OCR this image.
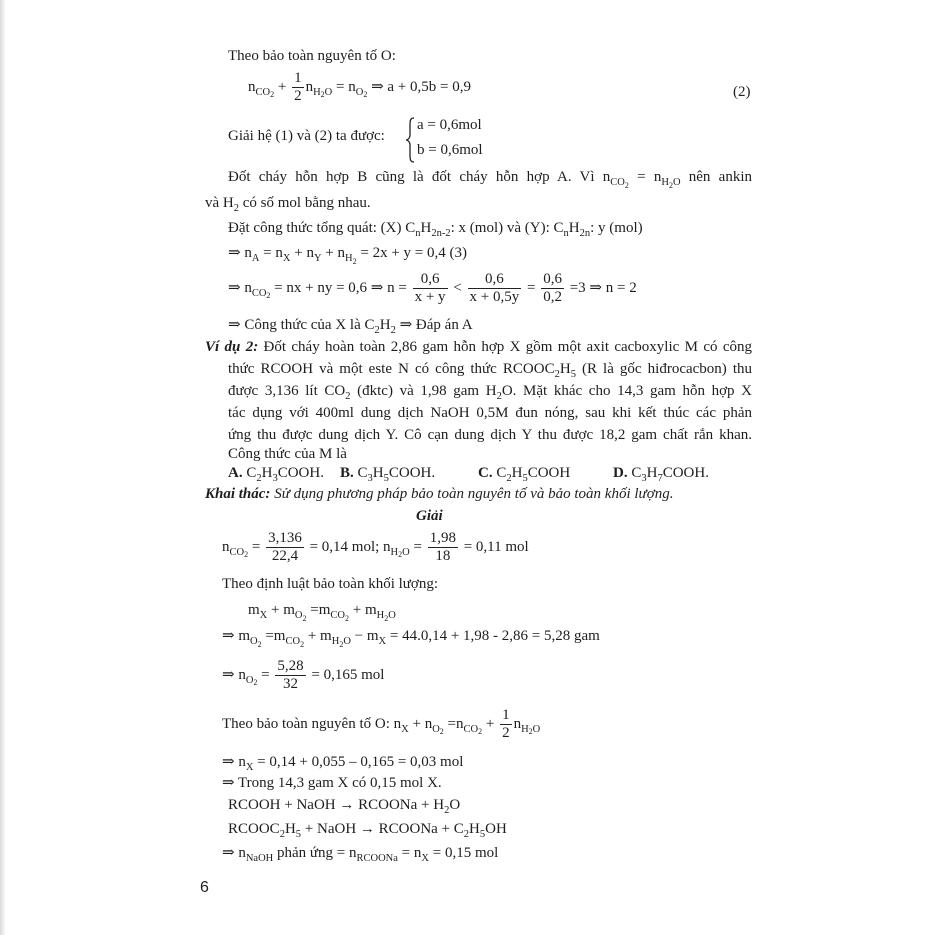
Theo bảo toàn nguyên tố O:
$n_{CO2} + \frac{1}{2} n_{H2O} = n_{O2}$ ⇒ a + 0,5b = 0,9	(2)
Giải hệ (1) và (2) ta được:
a = 0,6mol
b = 0,6mol
Đốt cháy hỗn hợp B cũng là đốt cháy hỗn hợp A. Vì $n_{CO2} = n_{H2O}$ nên ankin
và $H_2$ có số mol bằng nhau.
Đặt công thức tổng quát: (X) $C_nH_{2n-2}$: x (mol) và (Y): $C_nH_{2n}$: y (mol)
⇒ $n_A = n_X + n_Y + n_{H2} = 2x + y = 0,4$ (3)
⇒ $n_{CO2}$ = nx + ny = 0,6 ⇒ $n = \frac{0,6}{x + y} < \frac{0,6}{x + 0,5y} = \frac{0,6}{0,2} =3$ ⇒ n = 2
⇒ Công thức của X là $C_2H_2$ ⇒ Đáp án A
Ví dụ 2: Đốt cháy hoàn toàn 2,86 gam hỗn hợp X gồm một axit cacboxylic M có công
thức RCOOH và một este N có công thức $RCOOC_2H_5$ (R là gốc hiđrocacbon) thu
được 3,136 lít $CO_2$ (đktc) và 1,98 gam $H_2O$. Mặt khác cho 14,3 gam hỗn hợp X
tác dụng với 400ml dung dịch NaOH 0,5M đun nóng, sau khi kết thúc các phản
ứng thu được dung dịch Y. Cô cạn dung dịch Y thu được 18,2 gam chất rắn khan.
Công thức của M là
A. $C_2H_3COOH$. B. $C_3H_5COOH$.	C. $C_2H_5COOH$	D. $C_3H_7COOH$.
Khai thác: Sử dụng phương pháp bảo toàn nguyên tố và bảo toàn khối lượng.
Giải
$n_{CO2} = \frac{3,136}{22,4} = 0,14$ mol; $n_{H2O} = \frac{1,98}{18} = 0,11$ mol
Theo định luật bảo toàn khối lượng:
$m_X + m_{O2} =m_{CO2} + m_{H2O}$
⇒ $m_{O2} =m_{CO2} + m_{H2O} - m_X = 44.0,14 + 1,98 - 2,86 = 5,28$ gam
⇒ $n_{O2} = \frac{5,28}{32} = 0,165$ mol
Theo bảo toàn nguyên tố O: $n_X + n_{O2} =n_{CO2} + \frac{1}{2} n_{H2O}$
⇒ $n_X = 0,14 + 0,055 - 0,165 = 0,03$ mol
⇒ Trong 14,3 gam X có 0,15 mol X.
RCOOH + NaOH → RCOONa + $H_2O$
$RCOOC_2H_5$ + NaOH → RCOONa + $C_2H_5OH$
⇒ $n_{NaOH}$ phản ứng = $n_{RCOONa} = n_X = 0,15$ mol
6
